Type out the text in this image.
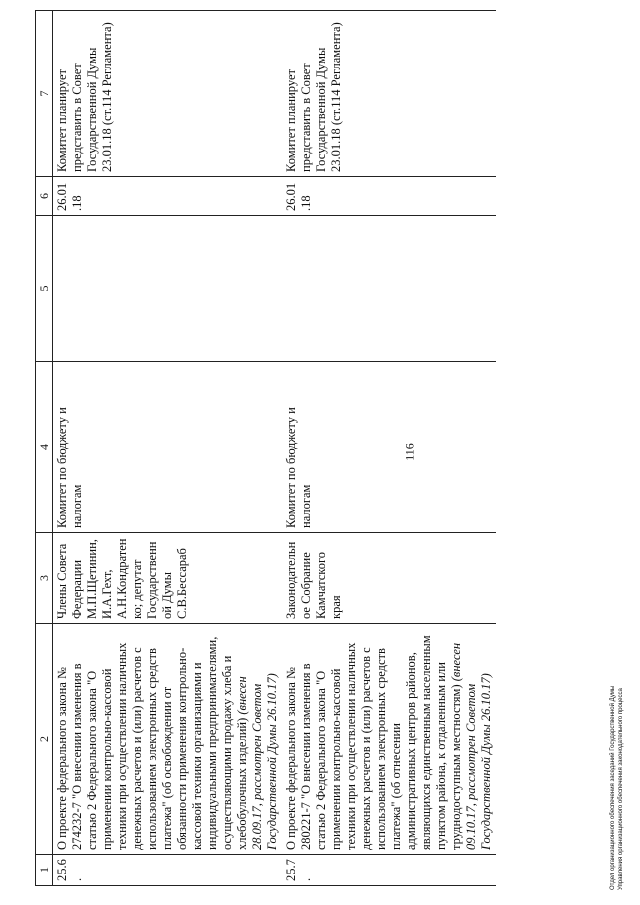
116
1	2	3	4	5	6	7
25.6.	О проекте федерального закона № 274232-7 "О внесении изменения в статью 2 Федерального закона "О применении контрольно-кассовой техники при осуществлении наличных денежных расчетов и (или) расчетов с использованием электронных средств платежа" (об освобождении от обязанности применения контрольно-кассовой техники организациями и индивидуальными предпринимателями, осуществляющими продажу хлеба и хлебобулочных изделий) (внесен 28.09.17, рассмотрен Советом Государственной Думы 26.10.17)	Члены Совета Федерации М.П.Щетинин, И.А.Гехт, А.Н.Кондратенко; депутат Государственной Думы С.В.Бессараб	Комитет по бюджету и налогам		26.01.18	Комитет планирует представить в Совет Государственной Думы 23.01.18 (ст.114 Регламента)
25.7.	О проекте федерального закона № 280221-7 "О внесении изменения в статью 2 Федерального закона "О применении контрольно-кассовой техники при осуществлении наличных денежных расчетов и (или) расчетов с использованием электронных средств платежа" (об отнесении административных центров районов, являющихся единственным населенным пунктом района, к отдаленным или труднодоступным местностям) (внесен 09.10.17, рассмотрен Советом Государственной Думы 26.10.17)	Законодательное Собрание Камчатского края	Комитет по бюджету и налогам		26.01.18	Комитет планирует представить в Совет Государственной Думы 23.01.18 (ст.114 Регламента)
Отдел организационного обеспечения заседаний Государственной Думы Управления организационного обеспечения законодательного процесса
